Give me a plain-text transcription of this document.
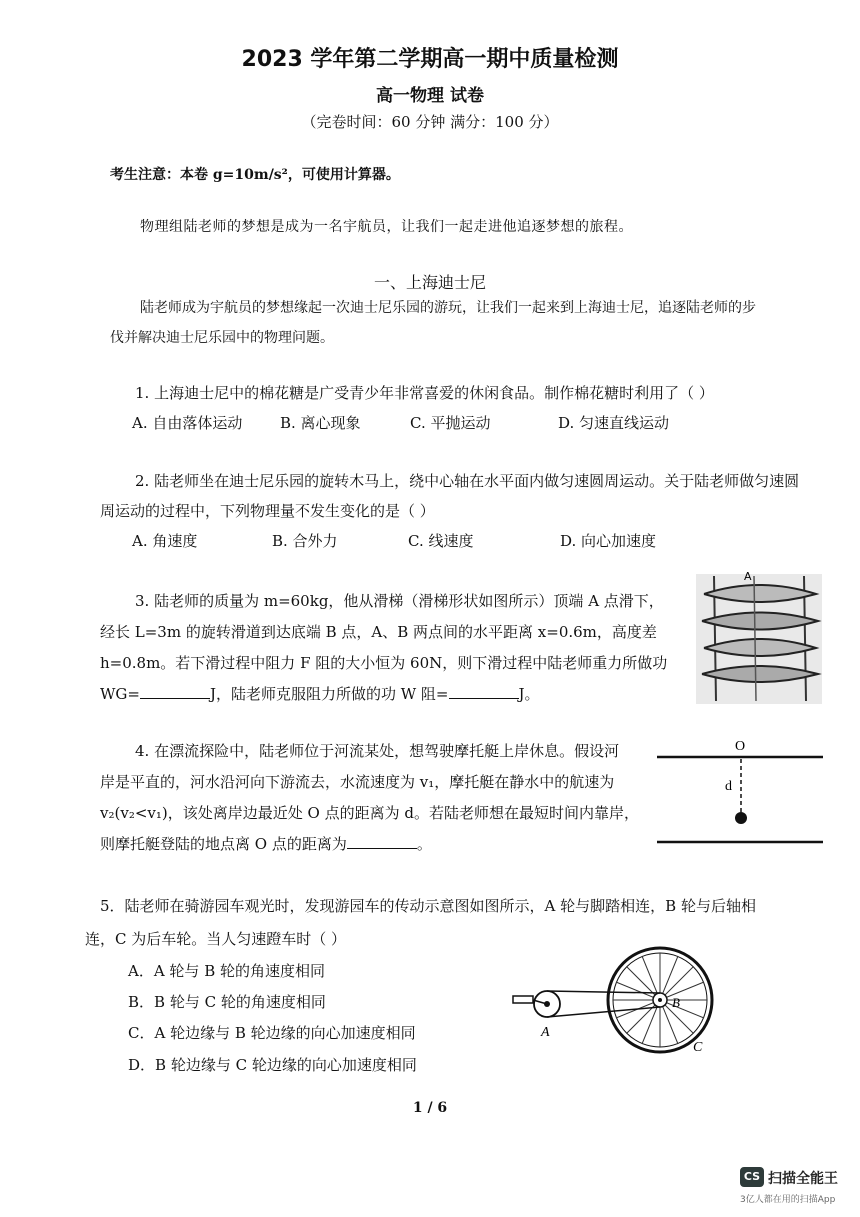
2023 学年第二学期高一期中质量检测
高一物理 试卷
（完卷时间：60 分钟 满分：100 分）
考生注意：本卷 g=10m/s²，可使用计算器。
物理组陆老师的梦想是成为一名宇航员，让我们一起走进他追逐梦想的旅程。
一、上海迪士尼
陆老师成为宇航员的梦想缘起一次迪士尼乐园的游玩，让我们一起来到上海迪士尼，追逐陆老师的步
伐并解决迪士尼乐园中的物理问题。
1. 上海迪士尼中的棉花糖是广受青少年非常喜爱的休闲食品。制作棉花糖时利用了（ ）
A. 自由落体运动	B. 离心现象	C. 平抛运动	D. 匀速直线运动
2. 陆老师坐在迪士尼乐园的旋转木马上，绕中心轴在水平面内做匀速圆周运动。关于陆老师做匀速圆
周运动的过程中，下列物理量不发生变化的是（ ）
A. 角速度	B. 合外力	C. 线速度	D. 向心加速度
3. 陆老师的质量为 m=60kg，他从滑梯（滑梯形状如图所示）顶端 A 点滑下，
经长 L=3m 的旋转滑道到达底端 B 点，A、B 两点间的水平距离 x=0.6m，高度差
h=0.8m。若下滑过程中阻力 F 阻的大小恒为 60N，则下滑过程中陆老师重力所做功
WG=	J，陆老师克服阻力所做的功 W 阻=	J。
A
4. 在漂流探险中，陆老师位于河流某处，想驾驶摩托艇上岸休息。假设河
岸是平直的，河水沿河向下游流去，水流速度为 v₁，摩托艇在静水中的航速为
v₂(v₂<v₁)，该处离岸边最近处 O 点的距离为 d。若陆老师想在最短时间内靠岸，
则摩托艇登陆的地点离 O 点的距离为	。
O
d
5．陆老师在骑游园车观光时，发现游园车的传动示意图如图所示，A 轮与脚踏相连，B 轮与后轴相
连，C 为后车轮。当人匀速蹬车时（ ）
A．A 轮与 B 轮的角速度相同
B．B 轮与 C 轮的角速度相同
C．A 轮边缘与 B 轮边缘的向心加速度相同
D．B 轮边缘与 C 轮边缘的向心加速度相同
A
B
C
1 / 6
CS 扫描全能王
3亿人都在用的扫描App
